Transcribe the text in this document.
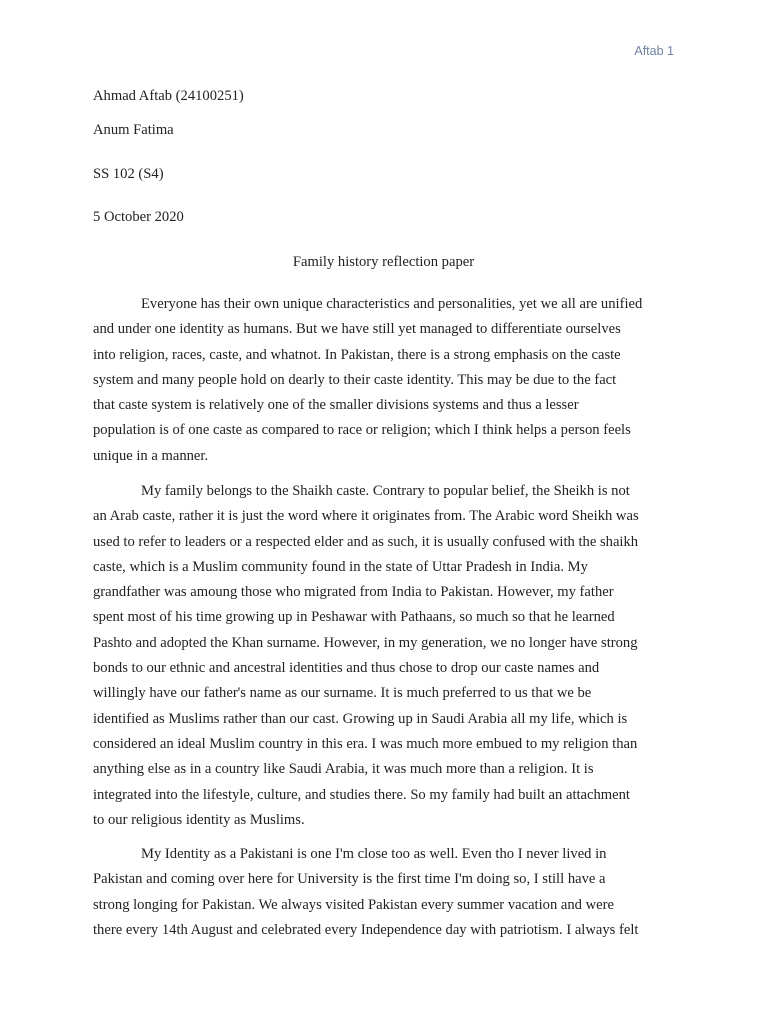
Aftab 1
Ahmad Aftab (24100251)
Anum Fatima
SS 102 (S4)
5 October 2020
Family history reflection paper

Everyone has their own unique characteristics and personalities, yet we all are unified
and under one identity as humans. But we have still yet managed to differentiate ourselves
into religion, races, caste, and whatnot. In Pakistan, there is a strong emphasis on the caste
system and many people hold on dearly to their caste identity. This may be due to the fact
that caste system is relatively one of the smaller divisions systems and thus a lesser
population is of one caste as compared to race or religion; which I think helps a person feels
unique in a manner.

My family belongs to the Shaikh caste. Contrary to popular belief, the Sheikh is not
an Arab caste, rather it is just the word where it originates from. The Arabic word Sheikh was
used to refer to leaders or a respected elder and as such, it is usually confused with the shaikh
caste, which is a Muslim community found in the state of Uttar Pradesh in India. My
grandfather was amoung those who migrated from India to Pakistan. However, my father
spent most of his time growing up in Peshawar with Pathaans, so much so that he learned
Pashto and adopted the Khan surname. However, in my generation, we no longer have strong
bonds to our ethnic and ancestral identities and thus chose to drop our caste names and
willingly have our father's name as our surname. It is much preferred to us that we be
identified as Muslims rather than our cast. Growing up in Saudi Arabia all my life, which is
considered an ideal Muslim country in this era. I was much more embued to my religion than
anything else as in a country like Saudi Arabia, it was much more than a religion. It is
integrated into the lifestyle, culture, and studies there. So my family had built an attachment
to our religious identity as Muslims.

My Identity as a Pakistani is one I'm close too as well. Even tho I never lived in
Pakistan and coming over here for University is the first time I'm doing so, I still have a
strong longing for Pakistan. We always visited Pakistan every summer vacation and were
there every 14th August and celebrated every Independence day with patriotism. I always felt
